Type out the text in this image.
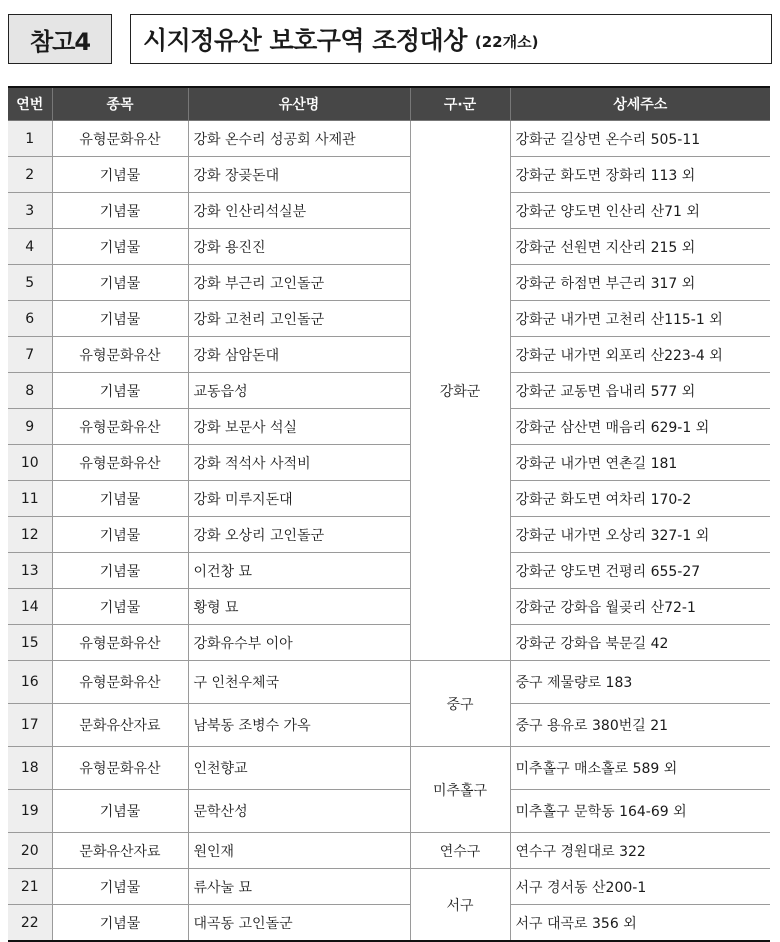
참고4	시지정유산 보호구역 조정대상 (22개소)
연번	종목	유산명	구·군	상세주소
1	유형문화유산	강화 온수리 성공회 사제관	강화군	강화군 길상면 온수리 505-11
2	기념물	강화 장곶돈대		강화군 화도면 장화리 113 외
3	기념물	강화 인산리석실분		강화군 양도면 인산리 산71 외
4	기념물	강화 용진진		강화군 선원면 지산리 215 외
5	기념물	강화 부근리 고인돌군		강화군 하점면 부근리 317 외
6	기념물	강화 고천리 고인돌군		강화군 내가면 고천리 산115-1 외
7	유형문화유산	강화 삼암돈대		강화군 내가면 외포리 산223-4 외
8	기념물	교동읍성		강화군 교동면 읍내리 577 외
9	유형문화유산	강화 보문사 석실		강화군 삼산면 매음리 629-1 외
10	유형문화유산	강화 적석사 사적비		강화군 내가면 연촌길 181
11	기념물	강화 미루지돈대		강화군 화도면 여차리 170-2
12	기념물	강화 오상리 고인돌군		강화군 내가면 오상리 327-1 외
13	기념물	이건창 묘		강화군 양도면 건평리 655-27
14	기념물	황형 묘		강화군 강화읍 월곶리 산72-1
15	유형문화유산	강화유수부 이아		강화군 강화읍 북문길 42
16	유형문화유산	구 인천우체국	중구	중구 제물량로 183
17	문화유산자료	남북동 조병수 가옥		중구 용유로 380번길 21
18	유형문화유산	인천향교	미추홀구	미추홀구 매소홀로 589 외
19	기념물	문학산성		미추홀구 문학동 164-69 외
20	문화유산자료	원인재	연수구	연수구 경원대로 322
21	기념물	류사눌 묘	서구	서구 경서동 산200-1
22	기념물	대곡동 고인돌군		서구 대곡로 356 외
